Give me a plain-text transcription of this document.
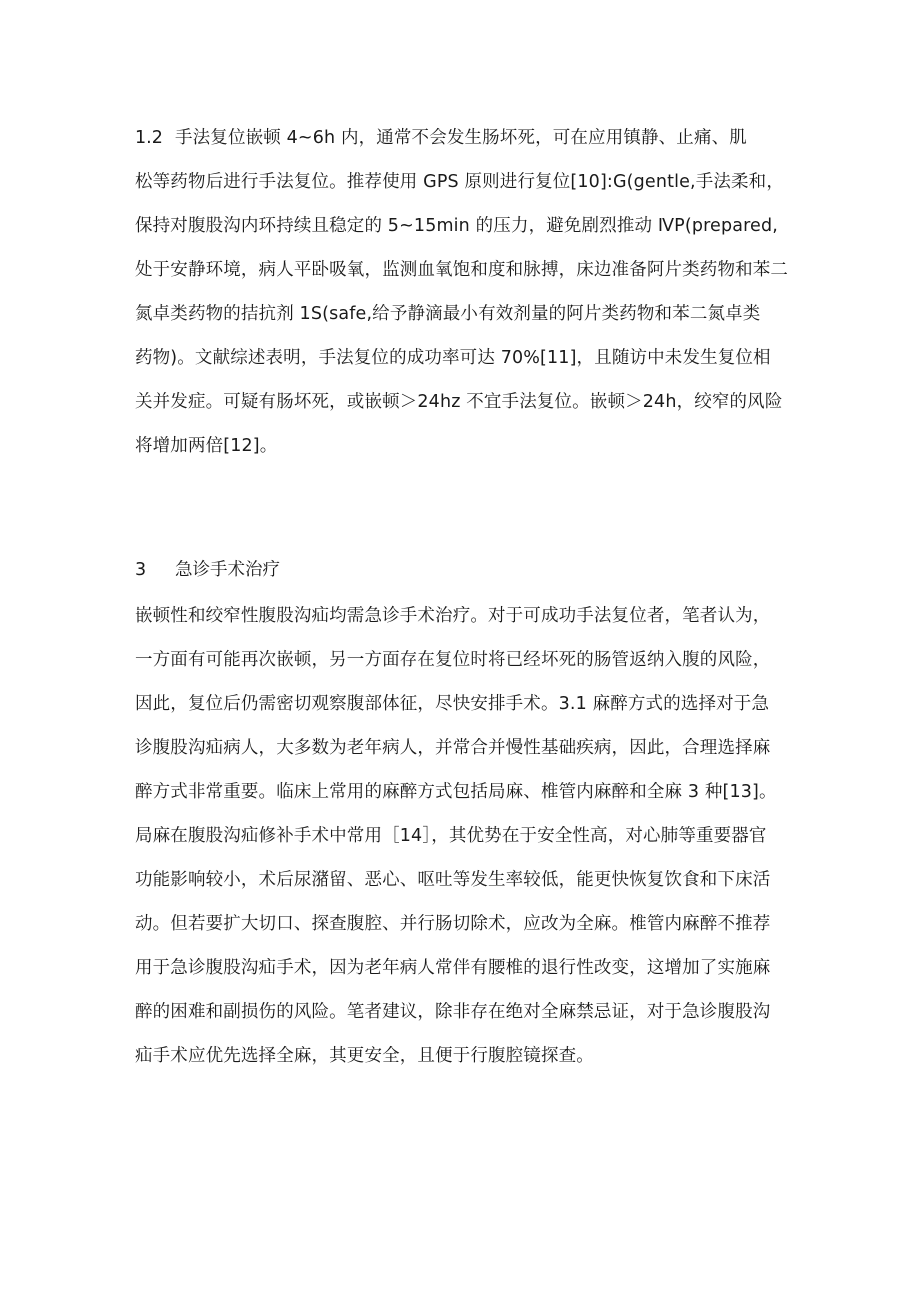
1.2 手法复位嵌顿 4~6h 内，通常不会发生肠坏死，可在应用镇静、止痛、肌
松等药物后进行手法复位。推荐使用 GPS 原则进行复位[10]:G(gentle,手法柔和，
保持对腹股沟内环持续且稳定的 5~15min 的压力，避免剧烈推动 ⅣP(prepared,
处于安静环境，病人平卧吸氧，监测血氧饱和度和脉搏，床边准备阿片类药物和苯二
氮卓类药物的拮抗剂 1S(safe,给予静滴最小有效剂量的阿片类药物和苯二氮卓类
药物)。文献综述表明，手法复位的成功率可达 70%[11]，且随访中未发生复位相
关并发症。可疑有肠坏死，或嵌顿＞24hz 不宜手法复位。嵌顿＞24h，绞窄的风险
将增加两倍[12]。
3 急诊手术治疗
嵌顿性和绞窄性腹股沟疝均需急诊手术治疗。对于可成功手法复位者，笔者认为，
一方面有可能再次嵌顿，另一方面存在复位时将已经坏死的肠管返纳入腹的风险，
因此，复位后仍需密切观察腹部体征，尽快安排手术。3.1 麻醉方式的选择对于急
诊腹股沟疝病人，大多数为老年病人，并常合并慢性基础疾病，因此，合理选择麻
醉方式非常重要。临床上常用的麻醉方式包括局麻、椎管内麻醉和全麻 3 种[13]。
局麻在腹股沟疝修补手术中常用［14］，其优势在于安全性高，对心肺等重要器官
功能影响较小，术后尿潴留、恶心、呕吐等发生率较低，能更快恢复饮食和下床活
动。但若要扩大切口、探查腹腔、并行肠切除术，应改为全麻。椎管内麻醉不推荐
用于急诊腹股沟疝手术，因为老年病人常伴有腰椎的退行性改变，这增加了实施麻
醉的困难和副损伤的风险。笔者建议，除非存在绝对全麻禁忌证，对于急诊腹股沟
疝手术应优先选择全麻，其更安全，且便于行腹腔镜探查。
